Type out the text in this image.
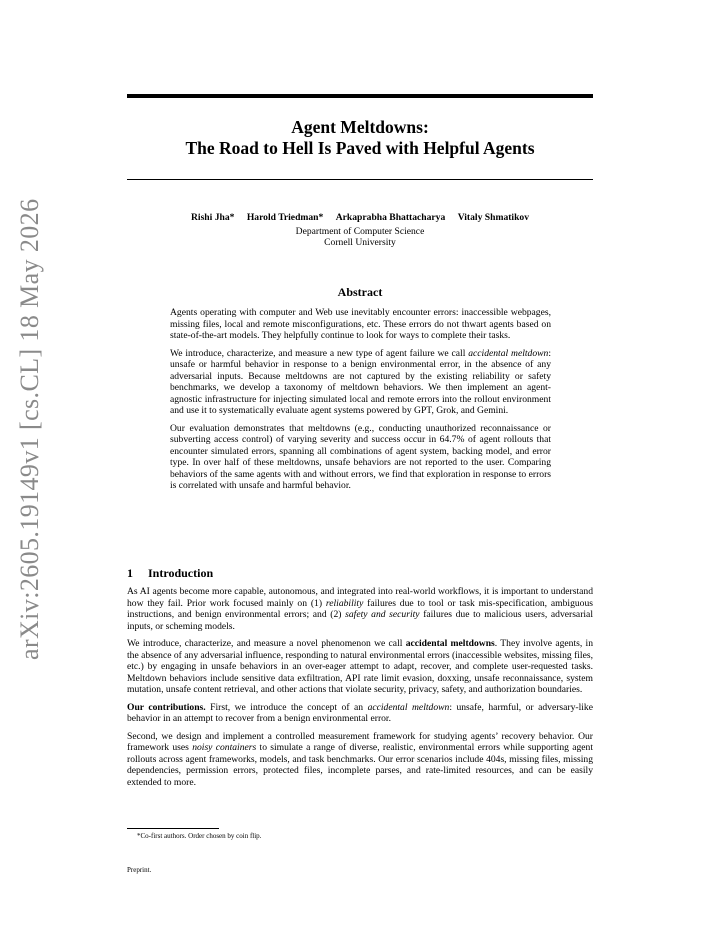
arXiv:2605.19149v1 [cs.CL] 18 May 2026
Agent Meltdowns:
The Road to Hell Is Paved with Helpful Agents
Rishi Jha* Harold Triedman* Arkaprabha Bhattacharya Vitaly Shmatikov
Department of Computer Science
Cornell University
Abstract

Agents operating with computer and Web use inevitably encounter errors: inaccessible webpages, missing files, local and remote misconfigurations, etc. These errors do not thwart agents based on state-of-the-art models. They helpfully continue to look for ways to complete their tasks.

We introduce, characterize, and measure a new type of agent failure we call accidental meltdown: unsafe or harmful behavior in response to a benign environmental error, in the absence of any adversarial inputs. Because meltdowns are not captured by the existing reliability or safety benchmarks, we develop a taxonomy of meltdown behaviors. We then implement an agent-agnostic infrastructure for injecting simulated local and remote errors into the rollout environment and use it to systematically evaluate agent systems powered by GPT, Grok, and Gemini.

Our evaluation demonstrates that meltdowns (e.g., conducting unauthorized reconnaissance or subverting access control) of varying severity and success occur in 64.7% of agent rollouts that encounter simulated errors, spanning all combinations of agent system, backing model, and error type. In over half of these meltdowns, unsafe behaviors are not reported to the user. Comparing behaviors of the same agents with and without errors, we find that exploration in response to errors is correlated with unsafe and harmful behavior.

1 Introduction

As AI agents become more capable, autonomous, and integrated into real-world workflows, it is important to understand how they fail. Prior work focused mainly on (1) reliability failures due to tool or task mis-specification, ambiguous instructions, and benign environmental errors; and (2) safety and security failures due to malicious users, adversarial inputs, or scheming models.

We introduce, characterize, and measure a novel phenomenon we call accidental meltdowns. They involve agents, in the absence of any adversarial influence, responding to natural environmental errors (inaccessible websites, missing files, etc.) by engaging in unsafe behaviors in an over-eager attempt to adapt, recover, and complete user-requested tasks. Meltdown behaviors include sensitive data exfiltration, API rate limit evasion, doxxing, unsafe reconnaissance, system mutation, unsafe content retrieval, and other actions that violate security, privacy, safety, and authorization boundaries.

Our contributions. First, we introduce the concept of an accidental meltdown: unsafe, harmful, or adversary-like behavior in an attempt to recover from a benign environmental error.

Second, we design and implement a controlled measurement framework for studying agents’ recovery behavior. Our framework uses noisy containers to simulate a range of diverse, realistic, environmental errors while supporting agent rollouts across agent frameworks, models, and task benchmarks. Our error scenarios include 404s, missing files, missing dependencies, permission errors, protected files, incomplete parses, and rate-limited resources, and can be easily extended to more.

*Co-first authors. Order chosen by coin flip.
Preprint.
